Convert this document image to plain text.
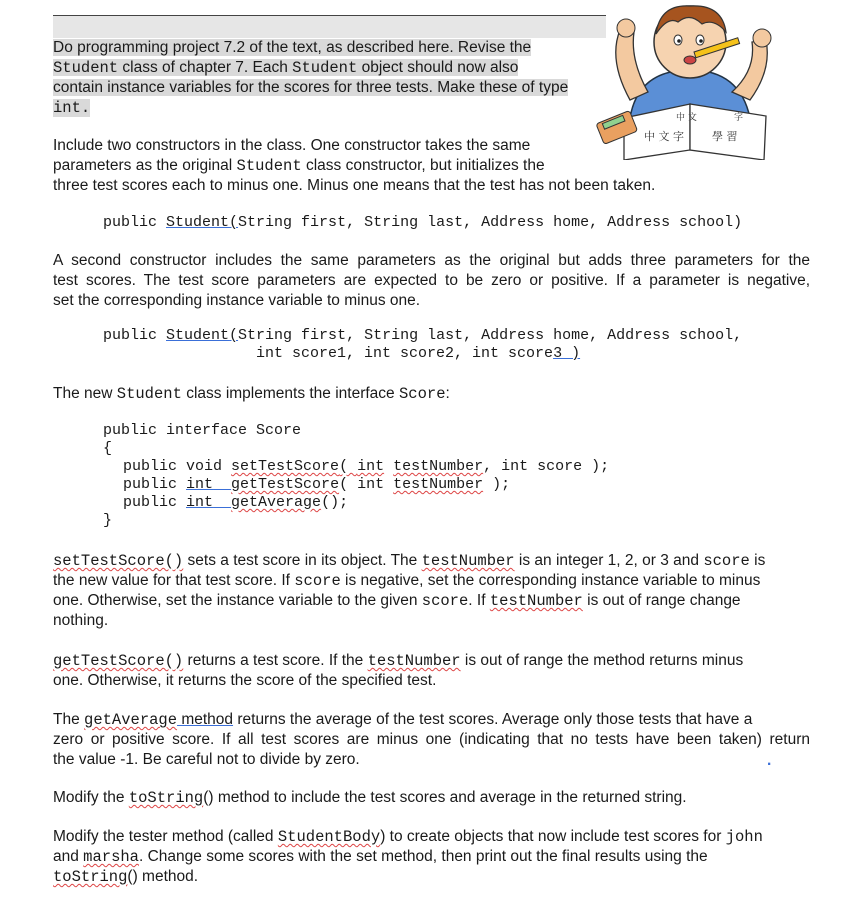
Do programming project 7.2 of the text, as described here. Revise the
Student class of chapter 7. Each Student object should now also
contain instance variables for the scores for three tests. Make these of type
int.
中 文 字	學 習
中 文	字
Include two constructors in the class. One constructor takes the same
parameters as the original Student class constructor, but initializes the
three test scores each to minus one. Minus one means that the test has not been taken.
public Student(String first, String last, Address home, Address school)
A second constructor includes the same parameters as the original but adds three parameters for the
test scores. The test score parameters are expected to be zero or positive. If a parameter is negative,
set the corresponding instance variable to minus one.
public Student(String first, String last, Address home, Address school,
int score1, int score2, int score3 )
The new Student class implements the interface Score:
public interface Score
{
public void setTestScore( int testNumber, int score );
public int getTestScore( int testNumber );
public int getAverage();
}
setTestScore() sets a test score in its object. The testNumber is an integer 1, 2, or 3 and score is
the new value for that test score. If score is negative, set the corresponding instance variable to minus
one. Otherwise, set the instance variable to the given score. If testNumber is out of range change
nothing.
getTestScore() returns a test score. If the testNumber is out of range the method returns minus
one. Otherwise, it returns the score of the specified test.
The getAverage method returns the average of the test scores. Average only those tests that have a
zero or positive score. If all test scores are minus one (indicating that no tests have been taken) return
the value -1. Be careful not to divide by zero.	.
Modify the toString() method to include the test scores and average in the returned string.
Modify the tester method (called StudentBody) to create objects that now include test scores for john
and marsha. Change some scores with the set method, then print out the final results using the
toString() method.
